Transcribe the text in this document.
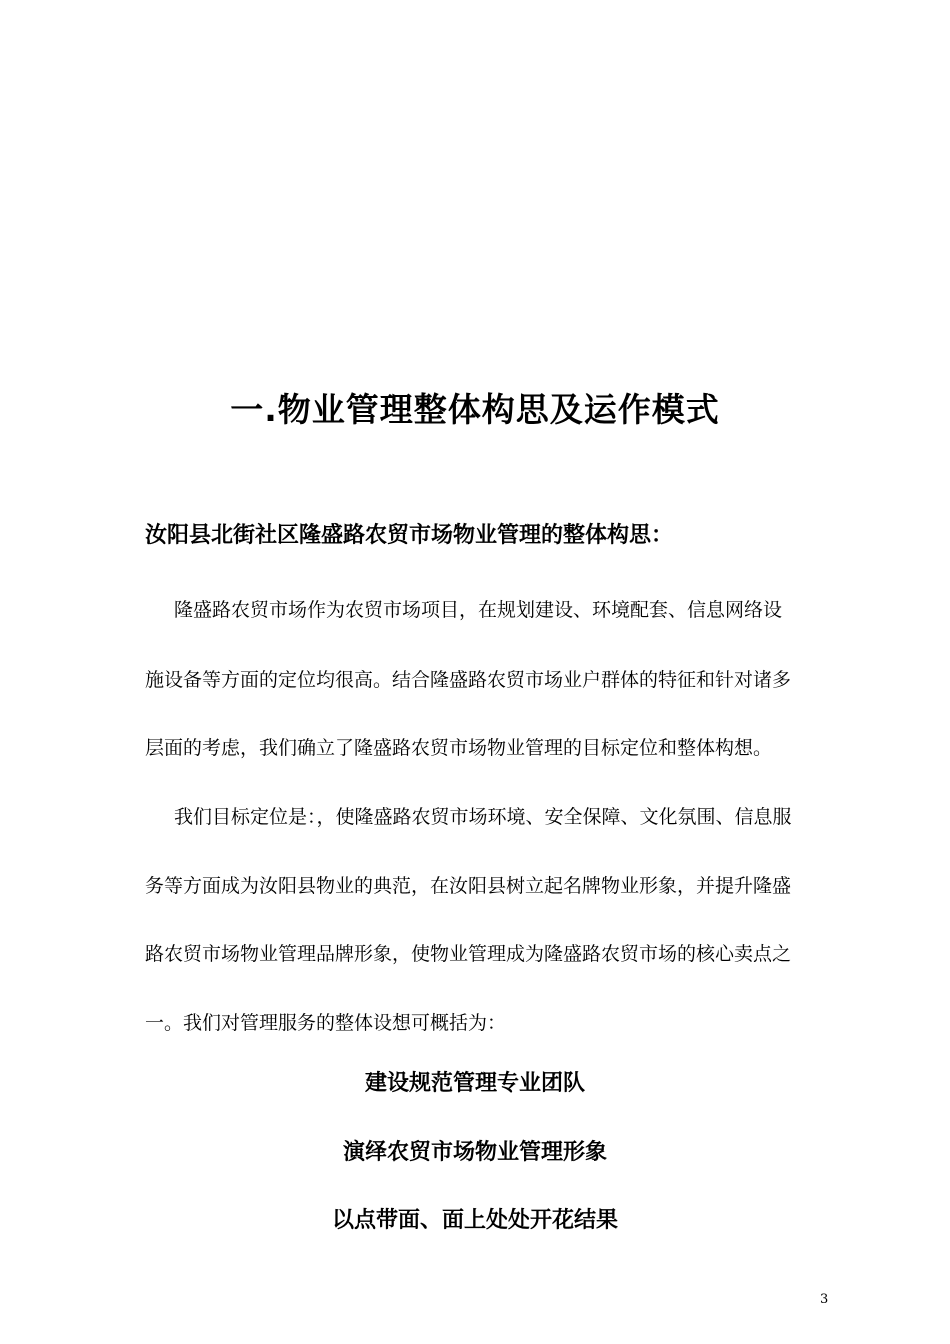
一.物业管理整体构思及运作模式
汝阳县北街社区隆盛路农贸市场物业管理的整体构思：

隆盛路农贸市场作为农贸市场项目，在规划建设、环境配套、信息网络设

施设备等方面的定位均很高。结合隆盛路农贸市场业户群体的特征和针对诸多

层面的考虑，我们确立了隆盛路农贸市场物业管理的目标定位和整体构想。

我们目标定位是：，使隆盛路农贸市场环境、安全保障、文化氛围、信息服

务等方面成为汝阳县物业的典范，在汝阳县树立起名牌物业形象，并提升隆盛

路农贸市场物业管理品牌形象，使物业管理成为隆盛路农贸市场的核心卖点之

一。我们对管理服务的整体设想可概括为：

建设规范管理专业团队

演绎农贸市场物业管理形象

以点带面、面上处处开花结果

3
